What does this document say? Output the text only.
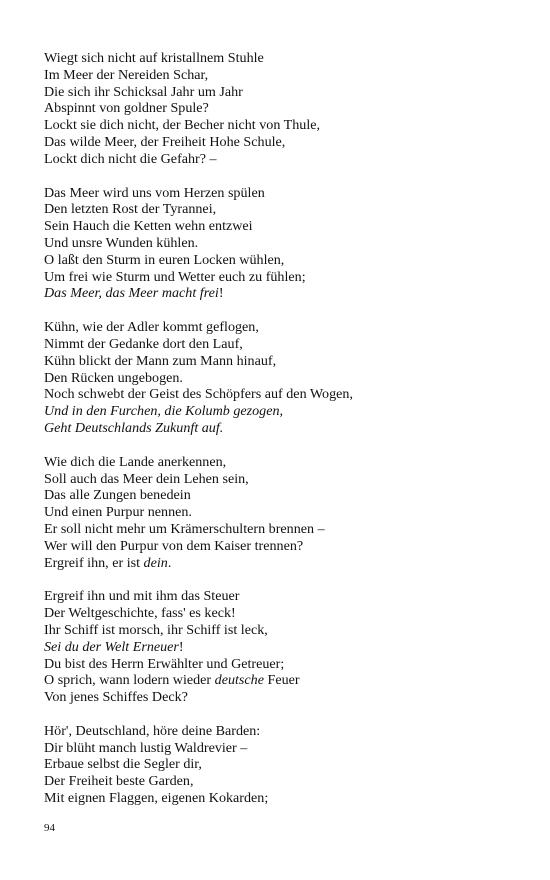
Wiegt sich nicht auf kristallnem Stuhle
Im Meer der Nereiden Schar,
Die sich ihr Schicksal Jahr um Jahr
Abspinnt von goldner Spule?
Lockt sie dich nicht, der Becher nicht von Thule,
Das wilde Meer, der Freiheit Hohe Schule,
Lockt dich nicht die Gefahr? –
Das Meer wird uns vom Herzen spülen
Den letzten Rost der Tyrannei,
Sein Hauch die Ketten wehn entzwei
Und unsre Wunden kühlen.
O laßt den Sturm in euren Locken wühlen,
Um frei wie Sturm und Wetter euch zu fühlen;
Das Meer, das Meer macht frei!
Kühn, wie der Adler kommt geflogen,
Nimmt der Gedanke dort den Lauf,
Kühn blickt der Mann zum Mann hinauf,
Den Rücken ungebogen.
Noch schwebt der Geist des Schöpfers auf den Wogen,
Und in den Furchen, die Kolumb gezogen,
Geht Deutschlands Zukunft auf.
Wie dich die Lande anerkennen,
Soll auch das Meer dein Lehen sein,
Das alle Zungen benedein
Und einen Purpur nennen.
Er soll nicht mehr um Krämerschultern brennen –
Wer will den Purpur von dem Kaiser trennen?
Ergreif ihn, er ist dein.
Ergreif ihn und mit ihm das Steuer
Der Weltgeschichte, fass' es keck!
Ihr Schiff ist morsch, ihr Schiff ist leck,
Sei du der Welt Erneuer!
Du bist des Herrn Erwählter und Getreuer;
O sprich, wann lodern wieder deutsche Feuer
Von jenes Schiffes Deck?
Hör', Deutschland, höre deine Barden:
Dir blüht manch lustig Waldrevier –
Erbaue selbst die Segler dir,
Der Freiheit beste Garden,
Mit eignen Flaggen, eigenen Kokarden;
94
